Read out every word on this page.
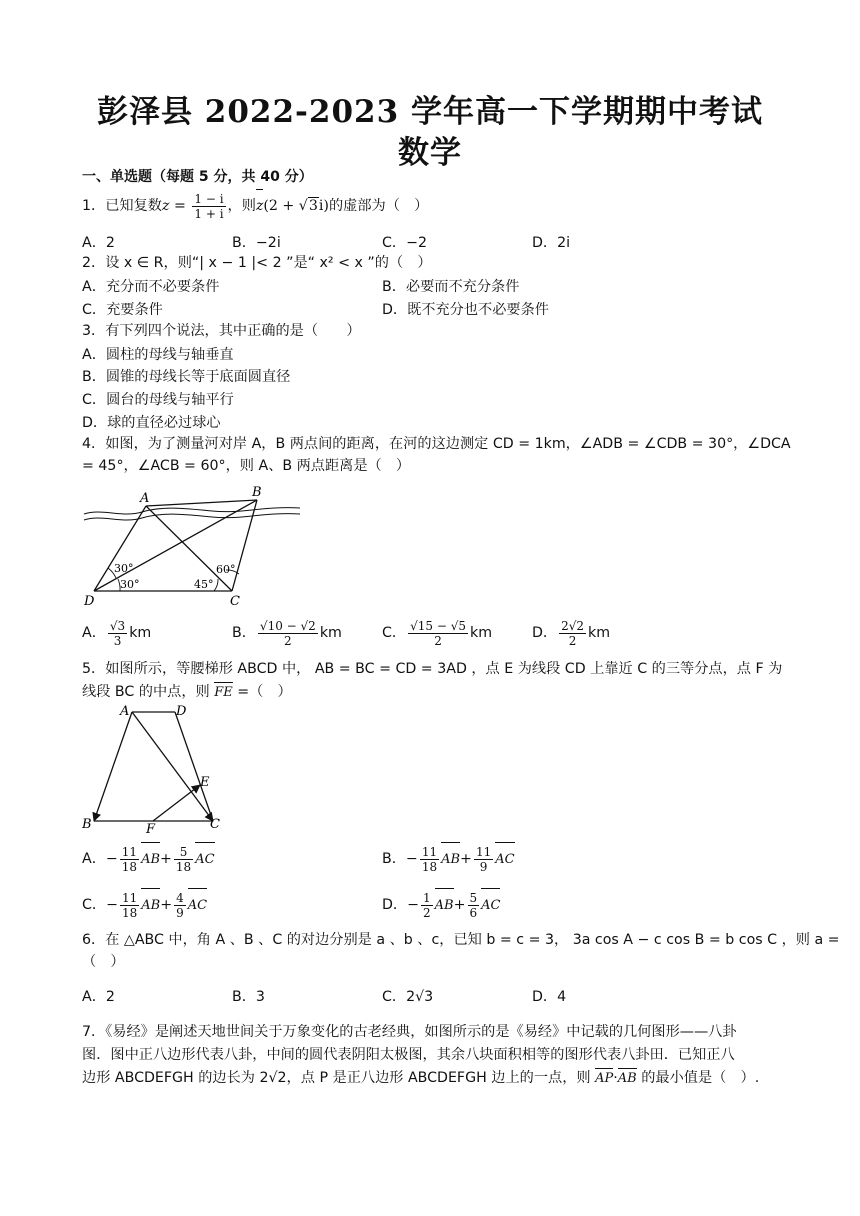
彭泽县 2022-2023 学年高一下学期期中考试
数学
一、单选题（每题 5 分，共 40 分）
1．已知复数$z = \frac{1 - i}{1 + i}$ ，则z(2 + √3i)的虚部为（　）
A．2	B．−2i	C．−2	D．2i
2．设 x ∈ R，则“| x − 1 |< 2 ”是“ x² < x ”的（　）
A．充分而不必要条件	B．必要而不充分条件
C．充要条件	D．既不充分也不必要条件
3．有下列四个说法，其中正确的是（　　）
A．圆柱的母线与轴垂直
B．圆锥的母线长等于底面圆直径
C．圆台的母线与轴平行
D．球的直径必过球心
4．如图，为了测量河对岸 A，B 两点间的距离，在河的这边测定 CD = 1km，∠ADB = ∠CDB = 30°，∠DCA
= 45°，∠ACB = 60°，则 A、B 两点距离是（　）
A	B
C
D
30°
30°	45°
60°
A． $\frac{√3}{3}$ km	B． $\frac{√10 - √2}{2}$ km	C． $\frac{√15 - √5}{2}$ km	D． $\frac{2√2}{2}$ km
5．如图所示，等腰梯形 ABCD 中， AB = BC = CD = 3AD ，点 E 为线段 CD 上靠近 C 的三等分点，点 F 为
线段 BC 的中点，则 FE =（　）
A	D
E
B	F	C
A．− $\frac{11}{18} AB+ \frac{5}{18}$ AC	B．− $\frac{11}{18} AB+ \frac{11}{9}$ AC
C．− $\frac{11}{18} AB+ \frac{4}{9}$ AC	D．− $\frac{1}{2} AB+ \frac{5}{6}$ AC
6．在 △ABC 中，角 A 、B 、C 的对边分别是 a 、b 、c，已知 b = c = 3， 3a cos A − c cos B = b cos C ，则 a =
（　）
A．2	B．3	C．2√3	D．4
7．《易经》是阐述天地世间关于万象变化的古老经典，如图所示的是《易经》中记载的几何图形——八卦
图．图中正八边形代表八卦，中间的圆代表阴阳太极图，其余八块面积相等的图形代表八卦田．已知正八
边形 ABCDEFGH 的边长为 2√2，点 P 是正八边形 ABCDEFGH 边上的一点，则 AP·AB 的最小值是（　）.
